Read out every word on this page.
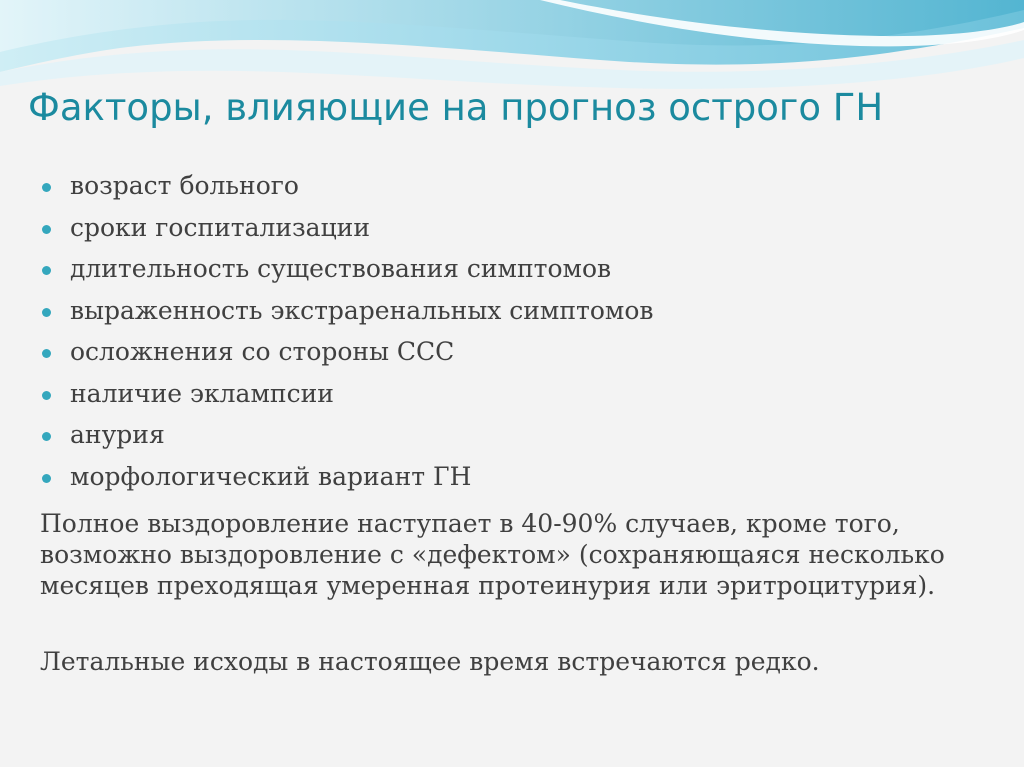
Факторы, влияющие на прогноз острого ГН
возраст больного
сроки госпитализации
длительность существования симптомов
выраженность экстраренальных симптомов
осложнения со стороны ССС
наличие эклампсии
анурия
морфологический вариант ГН

Полное выздоровление наступает в 40-90% случаев, кроме того, возможно выздоровление с «дефектом» (сохраняющаяся несколько месяцев преходящая умеренная протеинурия или эритроцитурия).

Летальные исходы в настоящее время встречаются редко.
